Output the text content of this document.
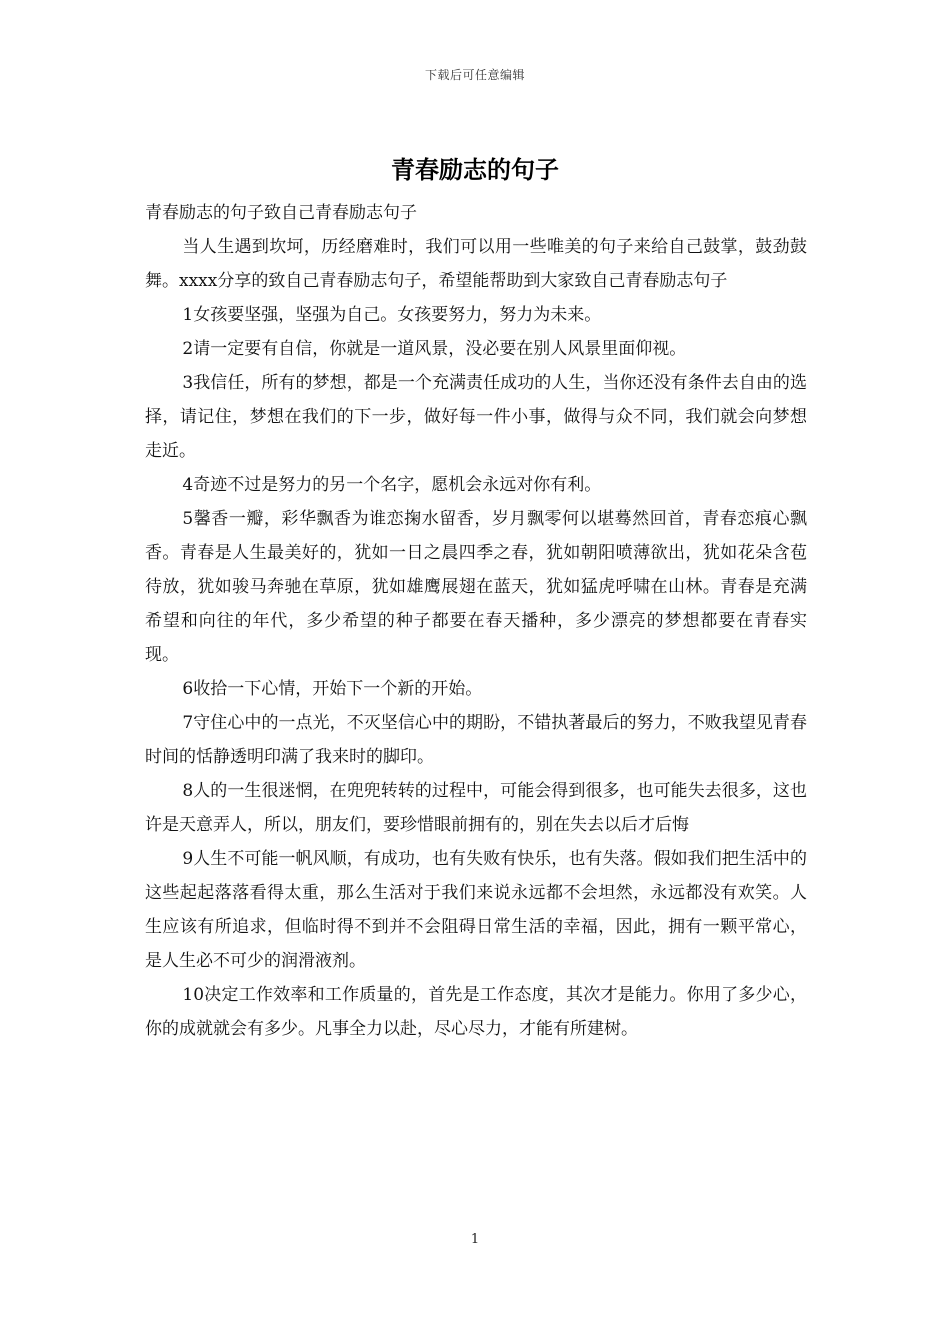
下载后可任意编辑
青春励志的句子

青春励志的句子致自己青春励志句子

当人生遇到坎坷，历经磨难时，我们可以用一些唯美的句子来给自己鼓掌，鼓劲鼓舞。xxxx分享的致自己青春励志句子，希望能帮助到大家致自己青春励志句子

1女孩要坚强，坚强为自己。女孩要努力，努力为未来。

2请一定要有自信，你就是一道风景，没必要在别人风景里面仰视。

3我信任，所有的梦想，都是一个充满责任成功的人生，当你还没有条件去自由的选择，请记住，梦想在我们的下一步，做好每一件小事，做得与众不同，我们就会向梦想走近。

4奇迹不过是努力的另一个名字，愿机会永远对你有利。

5馨香一瓣，彩华飘香为谁恋掬水留香，岁月飘零何以堪蓦然回首，青春恋痕心飘香。青春是人生最美好的，犹如一日之晨四季之春，犹如朝阳喷薄欲出，犹如花朵含苞待放，犹如骏马奔驰在草原，犹如雄鹰展翅在蓝天，犹如猛虎呼啸在山林。青春是充满希望和向往的年代，多少希望的种子都要在春天播种，多少漂亮的梦想都要在青春实现。

6收拾一下心情，开始下一个新的开始。

7守住心中的一点光，不灭坚信心中的期盼，不错执著最后的努力，不败我望见青春时间的恬静透明印满了我来时的脚印。

8人的一生很迷惘，在兜兜转转的过程中，可能会得到很多，也可能失去很多，这也许是天意弄人，所以，朋友们，要珍惜眼前拥有的，别在失去以后才后悔

9人生不可能一帆风顺，有成功，也有失败有快乐，也有失落。假如我们把生活中的这些起起落落看得太重，那么生活对于我们来说永远都不会坦然，永远都没有欢笑。人生应该有所追求，但临时得不到并不会阻碍日常生活的幸福，因此，拥有一颗平常心，是人生必不可少的润滑液剂。

10决定工作效率和工作质量的，首先是工作态度，其次才是能力。你用了多少心，你的成就就会有多少。凡事全力以赴，尽心尽力，才能有所建树。

1
